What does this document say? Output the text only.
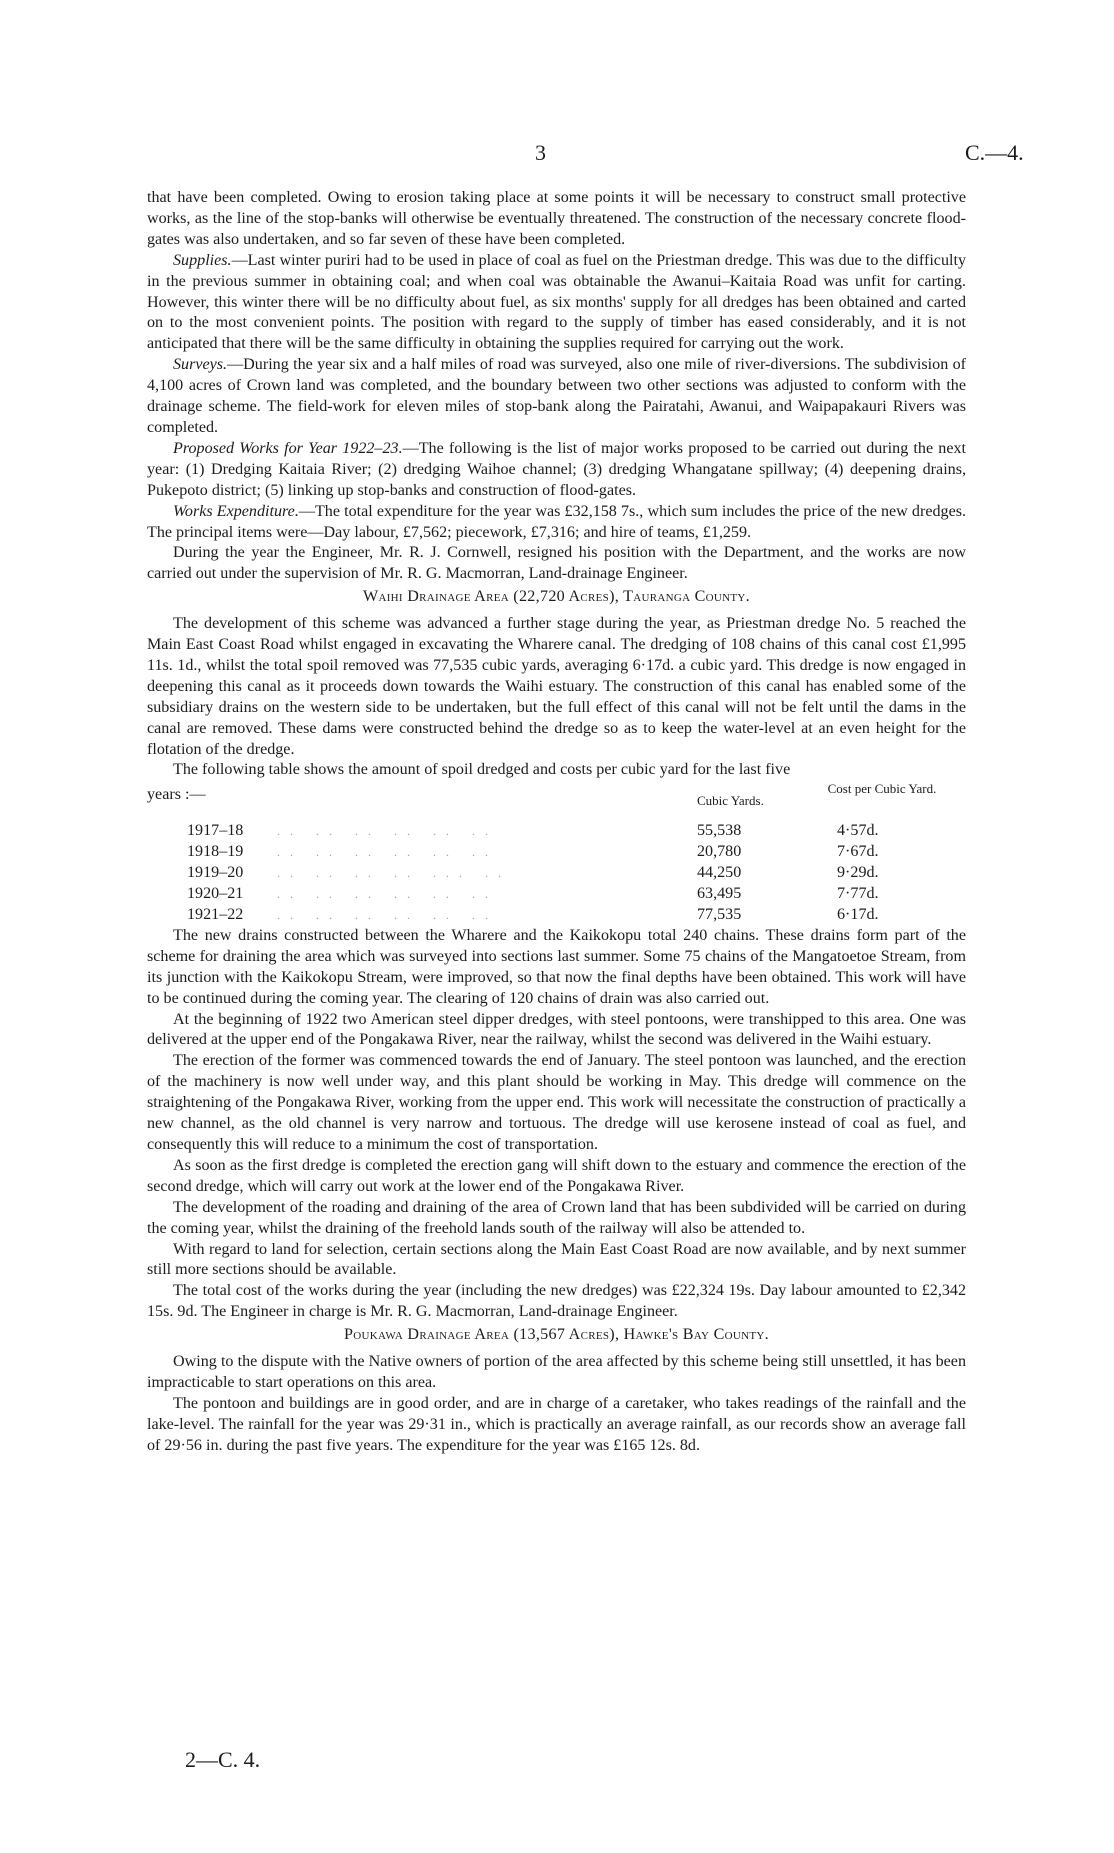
3	C.—4.

that have been completed. Owing to erosion taking place at some points it will be necessary to construct small protective works, as the line of the stop-banks will otherwise be eventually threatened. The construction of the necessary concrete flood-gates was also undertaken, and so far seven of these have been completed.

Supplies.—Last winter puriri had to be used in place of coal as fuel on the Priestman dredge. This was due to the difficulty in the previous summer in obtaining coal; and when coal was obtainable the Awanui–Kaitaia Road was unfit for carting. However, this winter there will be no difficulty about fuel, as six months' supply for all dredges has been obtained and carted on to the most convenient points. The position with regard to the supply of timber has eased considerably, and it is not anticipated that there will be the same difficulty in obtaining the supplies required for carrying out the work.

Surveys.—During the year six and a half miles of road was surveyed, also one mile of river-diversions. The subdivision of 4,100 acres of Crown land was completed, and the boundary between two other sections was adjusted to conform with the drainage scheme. The field-work for eleven miles of stop-bank along the Pairatahi, Awanui, and Waipapakauri Rivers was completed.

Proposed Works for Year 1922–23.—The following is the list of major works proposed to be carried out during the next year: (1) Dredging Kaitaia River; (2) dredging Waihoe channel; (3) dredging Whangatane spillway; (4) deepening drains, Pukepoto district; (5) linking up stop-banks and construction of flood-gates.

Works Expenditure.—The total expenditure for the year was £32,158 7s., which sum includes the price of the new dredges. The principal items were—Day labour, £7,562; piecework, £7,316; and hire of teams, £1,259.

During the year the Engineer, Mr. R. J. Cornwell, resigned his position with the Department, and the works are now carried out under the supervision of Mr. R. G. Macmorran, Land-drainage Engineer.

Waihi Drainage Area (22,720 Acres), Tauranga County.

The development of this scheme was advanced a further stage during the year, as Priestman dredge No. 5 reached the Main East Coast Road whilst engaged in excavating the Wharere canal. The dredging of 108 chains of this canal cost £1,995 11s. 1d., whilst the total spoil removed was 77,535 cubic yards, averaging 6·17d. a cubic yard. This dredge is now engaged in deepening this canal as it proceeds down towards the Waihi estuary. The construction of this canal has enabled some of the subsidiary drains on the western side to be undertaken, but the full effect of this canal will not be felt until the dams in the canal are removed. These dams were constructed behind the dredge so as to keep the water-level at an even height for the flotation of the dredge.

The following table shows the amount of spoil dredged and costs per cubic yard for the last five

years :—	Cubic Yards.
Cost per Cubic Yard.
1917–18	.. .. .. .. .. ..	55,538	4·57d.
1918–19	.. .. .. .. .. ..	20,780	7·67d.
1919–20	.. .. .. .. ... ..	44,250	9·29d.
1920–21	.. .. .. .. .. ..	63,495	7·77d.
1921–22	.. .. .. .. .. ..	77,535	6·17d.

The new drains constructed between the Wharere and the Kaikokopu total 240 chains. These drains form part of the scheme for draining the area which was surveyed into sections last summer. Some 75 chains of the Mangatoetoe Stream, from its junction with the Kaikokopu Stream, were improved, so that now the final depths have been obtained. This work will have to be continued during the coming year. The clearing of 120 chains of drain was also carried out.

At the beginning of 1922 two American steel dipper dredges, with steel pontoons, were transhipped to this area. One was delivered at the upper end of the Pongakawa River, near the railway, whilst the second was delivered in the Waihi estuary.

The erection of the former was commenced towards the end of January. The steel pontoon was launched, and the erection of the machinery is now well under way, and this plant should be working in May. This dredge will commence on the straightening of the Pongakawa River, working from the upper end. This work will necessitate the construction of practically a new channel, as the old channel is very narrow and tortuous. The dredge will use kerosene instead of coal as fuel, and consequently this will reduce to a minimum the cost of transportation.

As soon as the first dredge is completed the erection gang will shift down to the estuary and commence the erection of the second dredge, which will carry out work at the lower end of the Pongakawa River.

The development of the roading and draining of the area of Crown land that has been subdivided will be carried on during the coming year, whilst the draining of the freehold lands south of the railway will also be attended to.

With regard to land for selection, certain sections along the Main East Coast Road are now available, and by next summer still more sections should be available.

The total cost of the works during the year (including the new dredges) was £22,324 19s. Day labour amounted to £2,342 15s. 9d. The Engineer in charge is Mr. R. G. Macmorran, Land-drainage Engineer.

Poukawa Drainage Area (13,567 Acres), Hawke's Bay County.

Owing to the dispute with the Native owners of portion of the area affected by this scheme being still unsettled, it has been impracticable to start operations on this area.

The pontoon and buildings are in good order, and are in charge of a caretaker, who takes readings of the rainfall and the lake-level. The rainfall for the year was 29·31 in., which is practically an average rainfall, as our records show an average fall of 29·56 in. during the past five years. The expenditure for the year was £165 12s. 8d.

2—C. 4.
